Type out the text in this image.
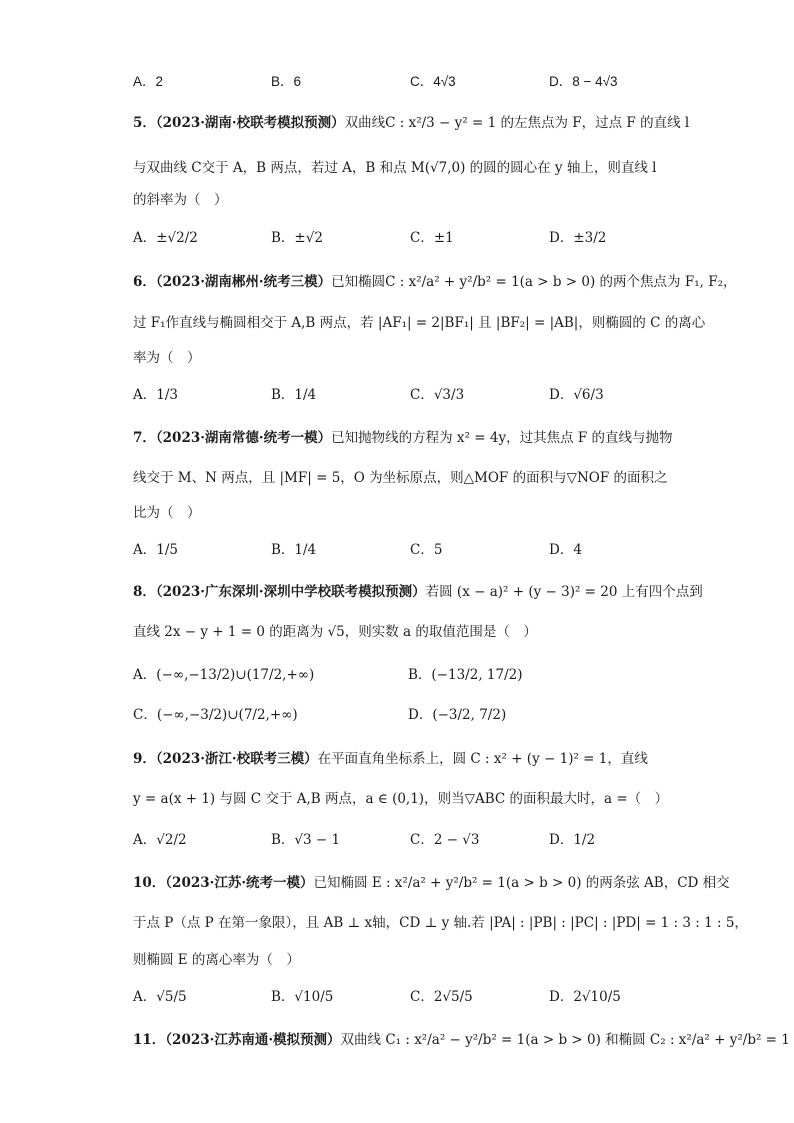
A．2	B．6	C．4√3	D．8 − 4√3
5．（2023·湖南·校联考模拟预测）双曲线C : x²/3 − y² = 1 的左焦点为 F，过点 F 的直线 l
与双曲线 C交于 A，B 两点，若过 A，B 和点 M(√7,0) 的圆的圆心在 y 轴上，则直线 l
的斜率为（　）
A．±√2/2	B．±√2	C．±1	D．±3/2
6．（2023·湖南郴州·统考三模）已知椭圆C : x²/a² + y²/b² = 1(a > b > 0) 的两个焦点为 F₁, F₂，
过 F₁作直线与椭圆相交于 A,B 两点，若 |AF₁| = 2|BF₁| 且 |BF₂| = |AB|，则椭圆的 C 的离心
率为（　）
A．1/3	B．1/4	C．√3/3	D．√6/3
7．（2023·湖南常德·统考一模）已知抛物线的方程为 x² = 4y，过其焦点 F 的直线与抛物
线交于 M、N 两点，且 |MF| = 5，O 为坐标原点，则△MOF 的面积与▽NOF 的面积之
比为（　）
A．1/5	B．1/4	C．5	D．4
8．（2023·广东深圳·深圳中学校联考模拟预测）若圆 (x − a)² + (y − 3)² = 20 上有四个点到
直线 2x − y + 1 = 0 的距离为 √5，则实数 a 的取值范围是（　）
A．(−∞,−13/2)∪(17/2,+∞)	B．(−13/2, 17/2)
C．(−∞,−3/2)∪(7/2,+∞)	D．(−3/2, 7/2)
9．（2023·浙江·校联考三模）在平面直角坐标系上，圆 C : x² + (y − 1)² = 1，直线
y = a(x + 1) 与圆 C 交于 A,B 两点，a ∈ (0,1)，则当▽ABC 的面积最大时，a =（　）
A．√2/2	B．√3 − 1	C．2 − √3	D．1/2
10．（2023·江苏·统考一模）已知椭圆 E : x²/a² + y²/b² = 1(a > b > 0) 的两条弦 AB，CD 相交
于点 P（点 P 在第一象限），且 AB ⊥ x轴，CD ⊥ y 轴.若 |PA| : |PB| : |PC| : |PD| = 1 : 3 : 1 : 5，
则椭圆 E 的离心率为（　）
A．√5/5	B．√10/5	C．2√5/5	D．2√10/5
11．（2023·江苏南通·模拟预测）双曲线 C₁ : x²/a² − y²/b² = 1(a > b > 0) 和椭圆 C₂ : x²/a² + y²/b² = 1
